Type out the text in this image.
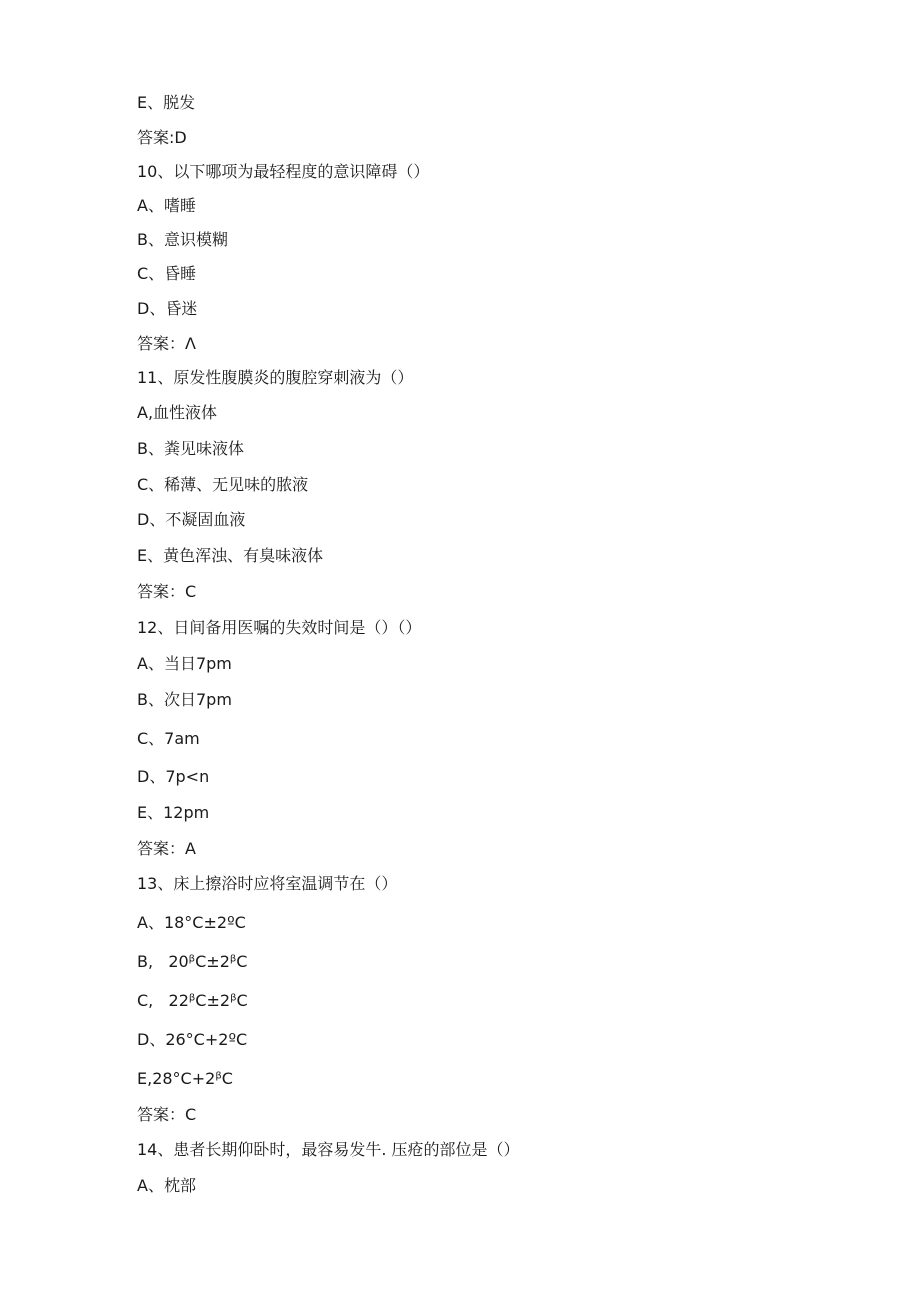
E、脱发
答案:D
10、以下哪项为最轻程度的意识障碍（）
A、嗜睡
B、意识模糊
C、昏睡
D、昏迷
答案：Λ
11、原发性腹膜炎的腹腔穿刺液为（）
A,血性液体
B、粪见味液体
C、稀薄、无见味的脓液
D、不凝固血液
E、黄色浑浊、有臭味液体
答案：C
12、日间备用医嘱的失效时间是（）（）
A、当日7pm
B、次日7pm
C、7am
D、7p<n
E、12pm
答案：A
13、床上擦浴时应将室温调节在（）
A、18°C±2ºC
B,   20ᵝC±2ᵝC
C,   22ᵝC±2ᵝC
D、26°C+2ºC
E,28°C+2ᵝC
答案：C
14、患者长期仰卧时，最容易发牛. 压疮的部位是（）
A、枕部
